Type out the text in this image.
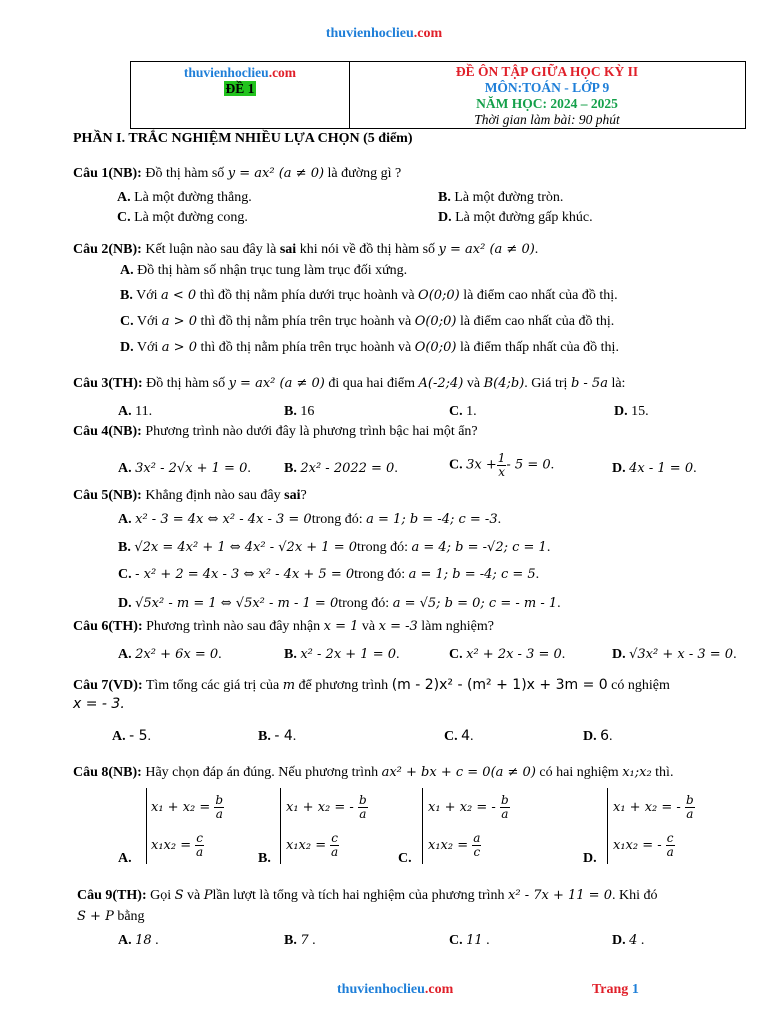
thuvienhoclieu.com
thuvienhoclieu.com
ĐỀ 1
ĐỀ ÔN TẬP GIỮA HỌC KỲ II
MÔN:TOÁN - LỚP 9
NĂM HỌC: 2024 – 2025
Thời gian làm bài: 90 phút
PHẦN I. TRẮC NGHIỆM NHIỀU LỰA CHỌN (5 điểm)
Câu 1(NB): Đồ thị hàm số y = ax² (a ≠ 0) là đường gì ?
A. Là một đường thẳng.	B. Là một đường tròn.
C. Là một đường cong.	D. Là một đường gấp khúc.
Câu 2(NB): Kết luận nào sau đây là sai khi nói về đồ thị hàm số y = ax² (a ≠ 0).
A. Đồ thị hàm số nhận trục tung làm trục đối xứng.
B. Với a < 0 thì đồ thị nằm phía dưới trục hoành và O(0;0) là điểm cao nhất của đồ thị.
C. Với a > 0 thì đồ thị nằm phía trên trục hoành và O(0;0) là điểm cao nhất của đồ thị.
D. Với a > 0 thì đồ thị nằm phía trên trục hoành và O(0;0) là điểm thấp nhất của đồ thị.
Câu 3(TH): Đồ thị hàm số y = ax² (a ≠ 0) đi qua hai điểm A(-2;4) và B(4;b). Giá trị b - 5a là:
A. 11.	B. 16	C. 1.	D. 15.
Câu 4(NB): Phương trình nào dưới đây là phương trình bậc hai một ẩn?
A. 3x² - 2√x + 1 = 0. B. 2x² - 2022 = 0.	C. $3x + \frac{1}{x} - 5 = 0$.	D. 4x - 1 = 0.
Câu 5(NB): Khẳng định nào sau đây sai?
A. x² - 3 = 4x ⇔ x² - 4x - 3 = 0trong đó: a = 1; b = -4; c = -3.
B. √2x = 4x² + 1 ⇔ 4x² - √2x + 1 = 0trong đó: a = 4; b = -√2; c = 1.
C. - x² + 2 = 4x - 3 ⇔ x² - 4x + 5 = 0trong đó: a = 1; b = -4; c = 5.
D. √5x² - m = 1 ⇔ √5x² - m - 1 = 0trong đó: a = √5; b = 0; c = - m - 1.
Câu 6(TH): Phương trình nào sau đây nhận x = 1 và x = -3 làm nghiệm?
A. 2x² + 6x = 0.	B. x² - 2x + 1 = 0.	C. x² + 2x - 3 = 0.	D. √3x² + x - 3 = 0.
Câu 7(VD): Tìm tổng các giá trị của m để phương trình (m - 2)x² - (m² + 1)x + 3m = 0 có nghiệm
x = - 3.
A. - 5.	B. - 4.	C. 4.	D. 6.
Câu 8(NB): Hãy chọn đáp án đúng. Nếu phương trình ax² + bx + c = 0(a ≠ 0) có hai nghiệm x₁;x₂ thì.
A.
$x_1 + x_2 = \frac{b}{a}$
$x_1x_2 = \frac{c}{a}$	B.
x₁ + x₂ = - $\frac{b}{a}$
$x_1x_2 = \frac{c}{a}$	C.
x₁ + x₂ = - $\frac{b}{a}$
$x_1x_2 = \frac{a}{c}$	D.
x₁ + x₂ = - $\frac{b}{a}$
x₁x₂ = - $\frac{c}{a}$
Câu 9(TH): Gọi S và Plần lượt là tổng và tích hai nghiệm của phương trình x² - 7x + 11 = 0. Khi đó
S + P bằng
A. 18 .	B. 7 .	C. 11 .	D. 4 .
thuvienhoclieu.com	Trang 1
